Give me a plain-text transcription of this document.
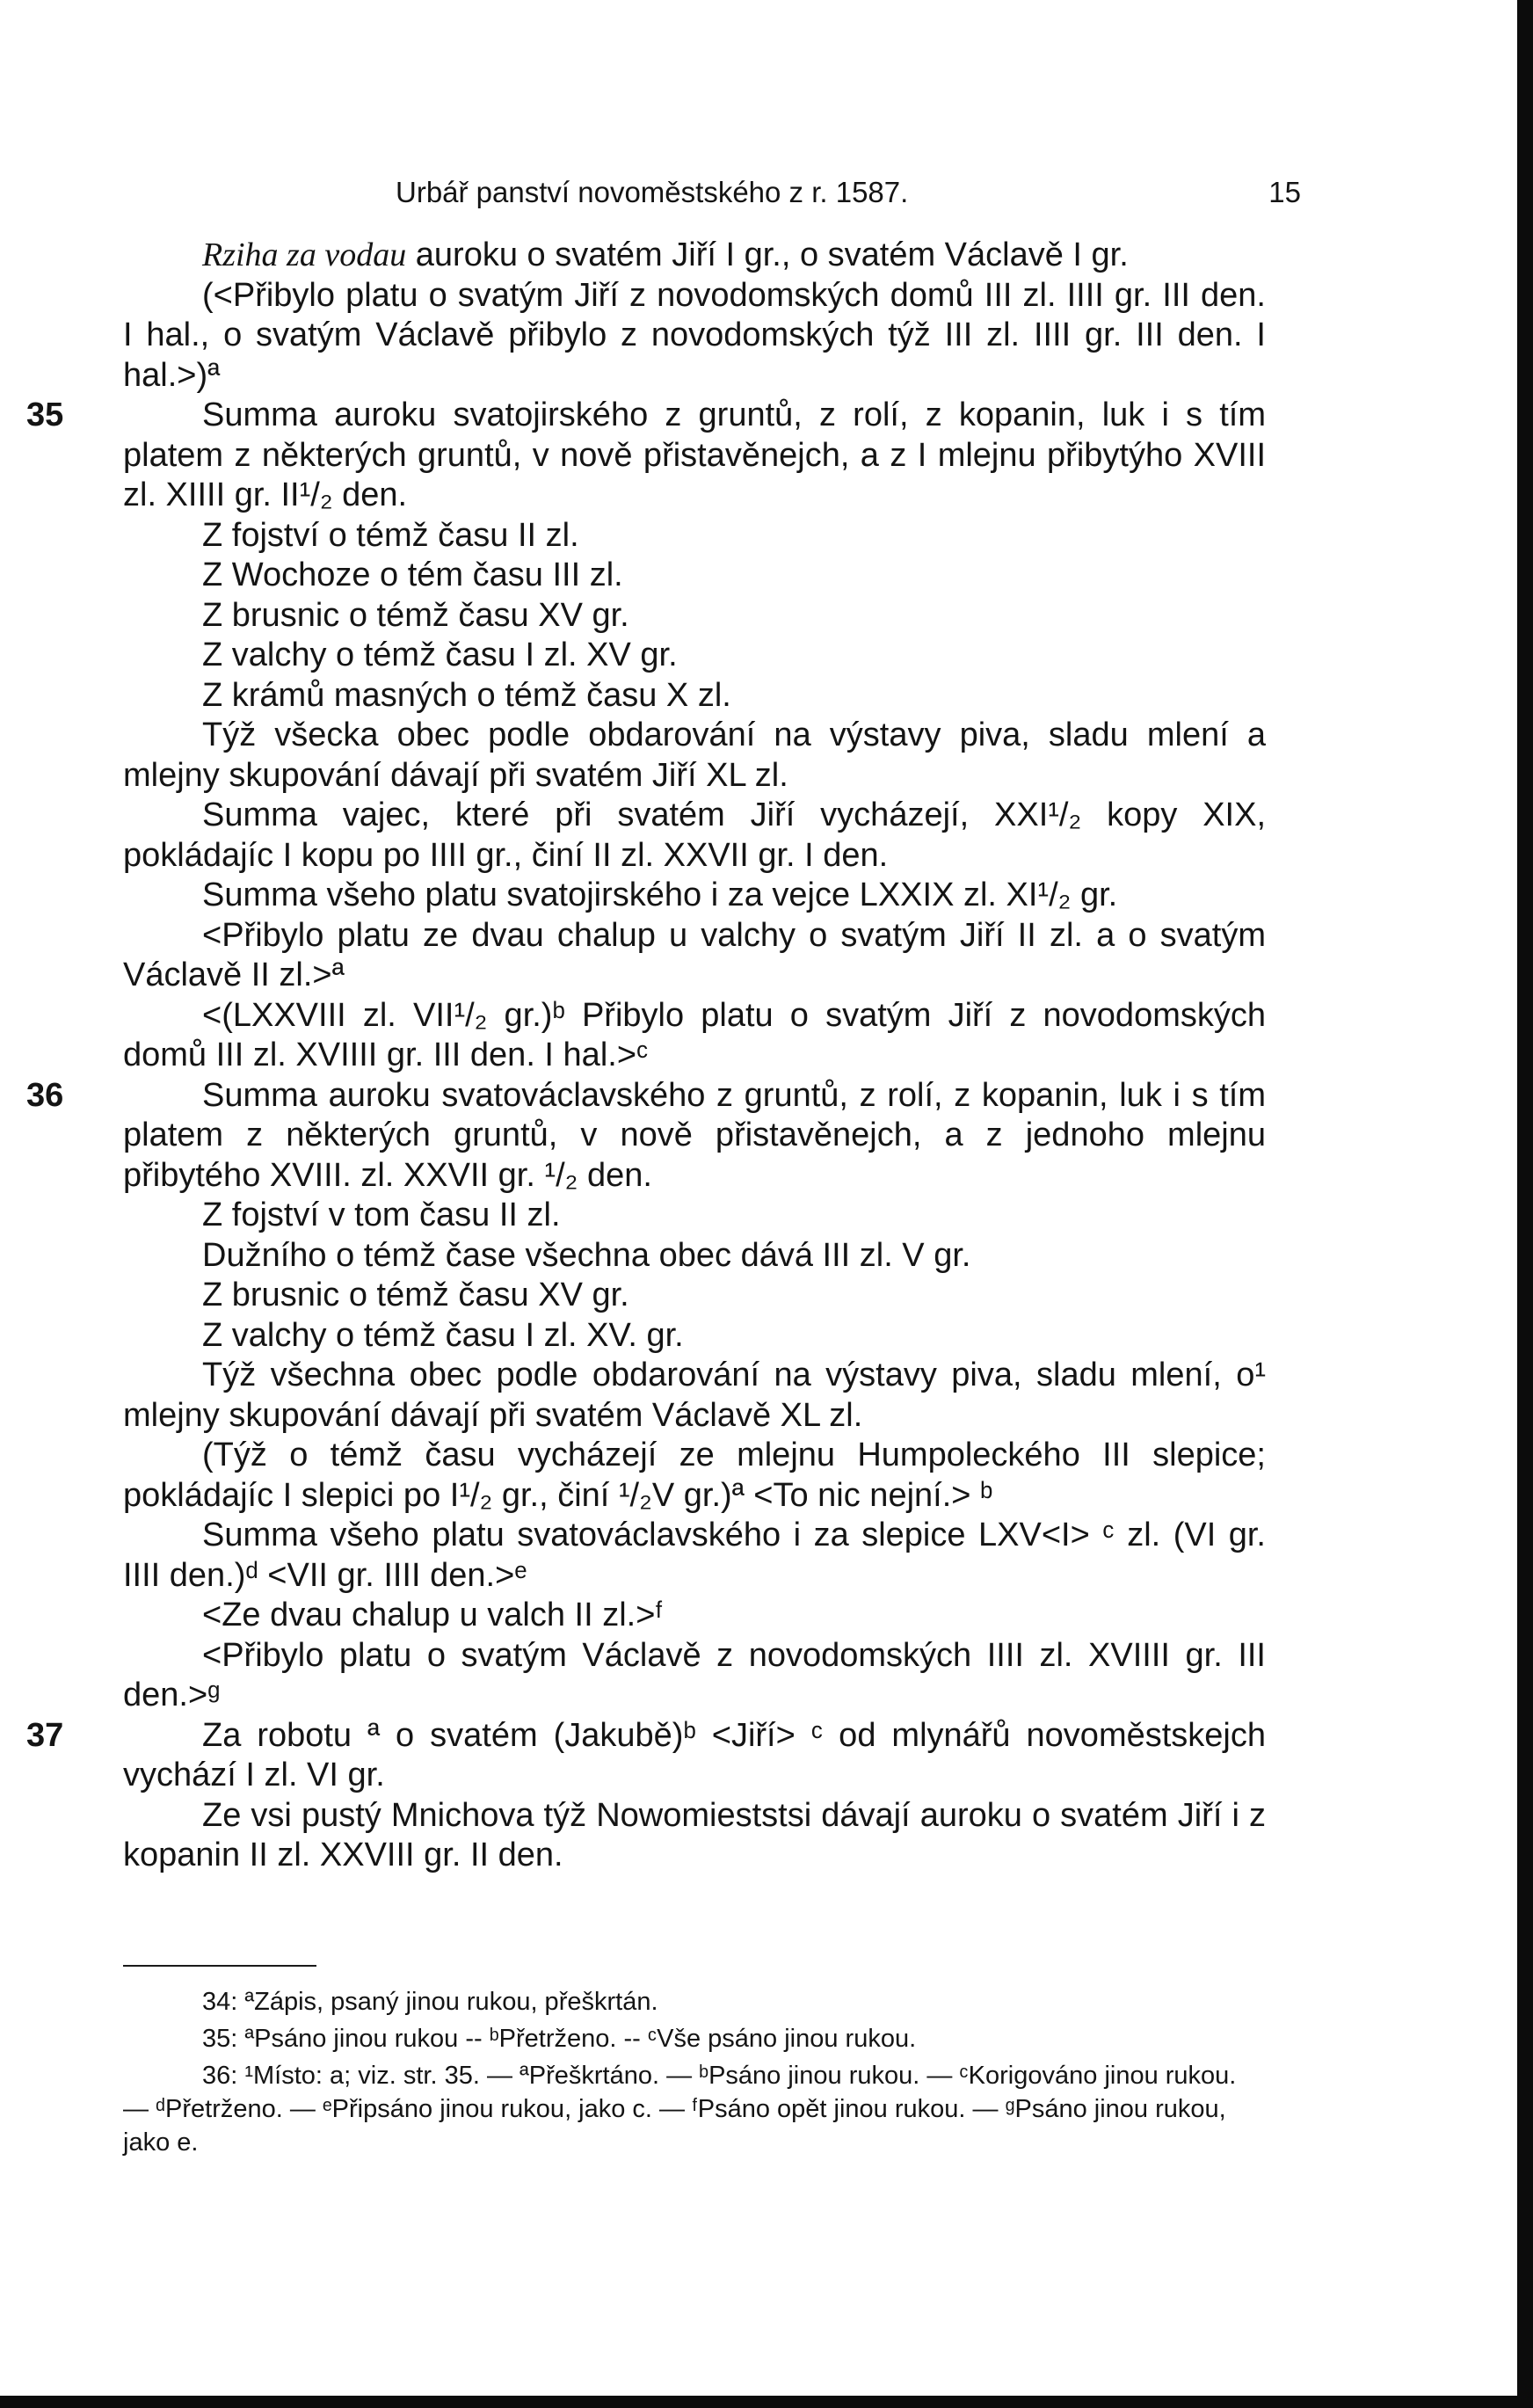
Urbář panství novoměstského z r. 1587.	15

Rziha za vodau auroku o svatém Jiří I gr., o svatém Václavě I gr.

(<Přibylo platu o svatým Jiří z novodomských domů III zl. IIII gr. III den. I hal., o svatým Václavě přibylo z novodomských týž III zl. IIII gr. III den. I hal.>)ª

35	Summa auroku svatojirského z gruntů, z rolí, z kopanin, luk i s tím platem z některých gruntů, v nově přistavěnejch, a z I mlejnu přibytýho XVIII zl. XIIII gr. II¹/₂ den.

Z fojství o témž času II zl.

Z Wochoze o tém času III zl.

Z brusnic o témž času XV gr.

Z valchy o témž času I zl. XV gr.

Z krámů masných o témž času X zl.

Týž všecka obec podle obdarování na výstavy piva, sladu mlení a mlejny skupování dávají při svatém Jiří XL zl.

Summa vajec, které při svatém Jiří vycházejí, XXI¹/₂ kopy XIX, pokládajíc I kopu po IIII gr., činí II zl. XXVII gr. I den.

Summa všeho platu svatojirského i za vejce LXXIX zl. XI¹/₂ gr.

<Přibylo platu ze dvau chalup u valchy o svatým Jiří II zl. a o svatým Václavě II zl.>ª

<(LXXVIII zl. VII¹/₂ gr.)ᵇ Přibylo platu o svatým Jiří z novodomských domů III zl. XVIIII gr. III den. I hal.>ᶜ

36	Summa auroku svatováclavského z gruntů, z rolí, z kopanin, luk i s tím platem z některých gruntů, v nově přistavěnejch, a z jednoho mlejnu přibytého XVIII. zl. XXVII gr. ¹/₂ den.

Z fojství v tom času II zl.

Dužního o témž čase všechna obec dává III zl. V gr.

Z brusnic o témž času XV gr.

Z valchy o témž času I zl. XV. gr.

Týž všechna obec podle obdarování na výstavy piva, sladu mlení, o¹ mlejny skupování dávají při svatém Václavě XL zl.

(Týž o témž času vycházejí ze mlejnu Humpoleckého III slepice; pokládajíc I slepici po I¹/₂ gr., činí ¹/₂V gr.)ª <To nic nejní.> ᵇ

Summa všeho platu svatováclavského i za slepice LXV<I> ᶜ zl. (VI gr. IIII den.)ᵈ <VII gr. IIII den.>ᵉ

<Ze dvau chalup u valch II zl.>ᶠ

<Přibylo platu o svatým Václavě z novodomských IIII zl. XVIIII gr. III den.>ᵍ

37	Za robotu ª o svatém (Jakubě)ᵇ <Jiří> ᶜ od mlynářů novoměstskejch vychází I zl. VI gr.

Ze vsi pustý Mnichova týž Nowomieststsi dávají auroku o svatém Jiří i z kopanin II zl. XXVIII gr. II den.

34: ªZápis, psaný jinou rukou, přeškrtán.

35: ªPsáno jinou rukou -- ᵇPřetrženo. -- ᶜVše psáno jinou rukou.

36: ¹Místo: a; viz. str. 35. — ªPřeškrtáno. — ᵇPsáno jinou rukou. — ᶜKorigováno jinou rukou. — ᵈPřetrženo. — ᵉPřipsáno jinou rukou, jako c. — ᶠPsáno opět jinou rukou. — ᵍPsáno jinou rukou, jako e.
